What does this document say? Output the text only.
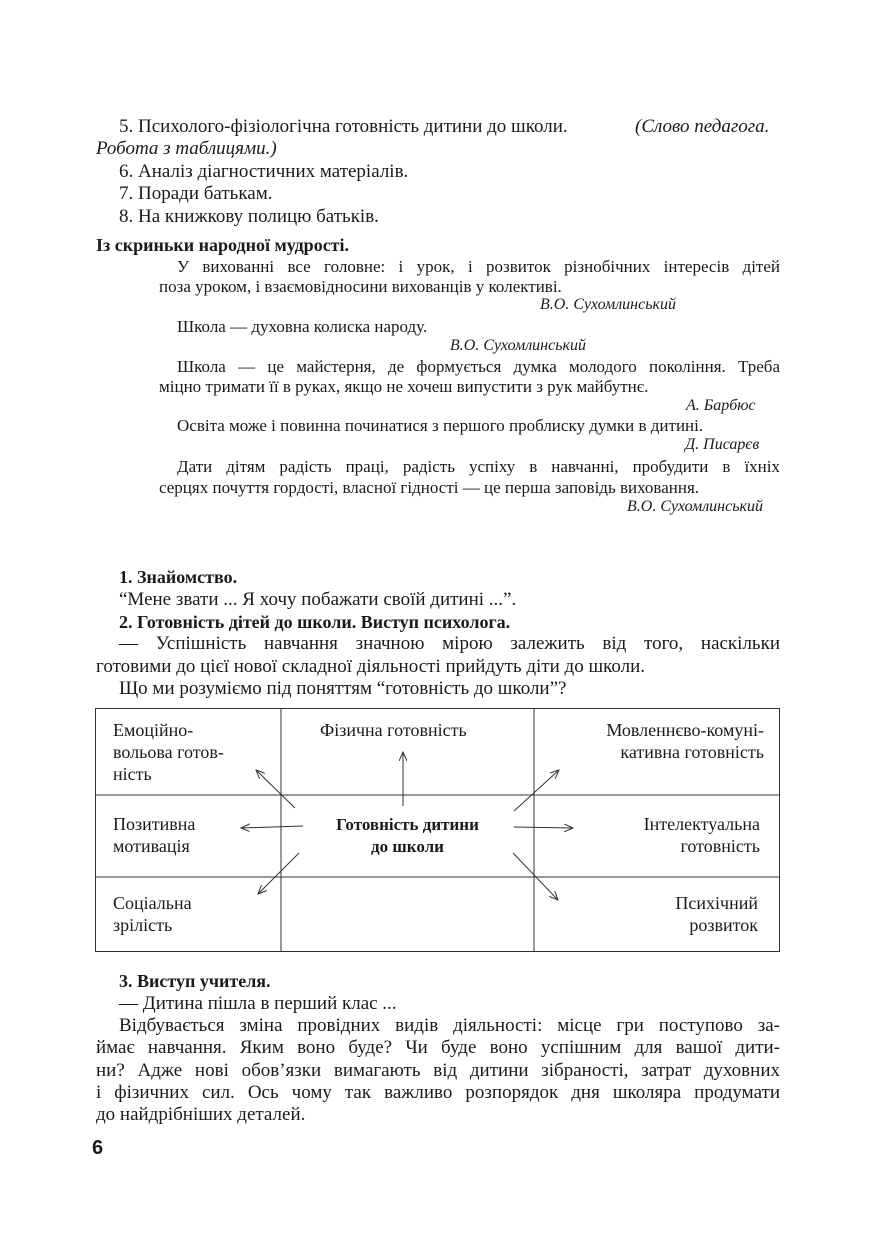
5. Психолого-фізіологічна готовність дитини до школи.	(Слово педагога.
Робота з таблицями.)
6. Аналіз діагностичних матеріалів.
7. Поради батькам.
8. На книжкову полицю батьків.
Із скриньки народної мудрості.
У вихованні все головне: і урок, і розвиток різнобічних інтересів дітей
поза уроком, і взаємовідносини вихованців у колективі.
В.О. Сухомлинський
Школа — духовна колиска народу.
В.О. Сухомлинський
Школа — це майстерня, де формується думка молодого покоління. Треба
міцно тримати її в руках, якщо не хочеш випустити з рук майбутнє.
А. Барбюс
Освіта може і повинна починатися з першого проблиску думки в дитині.
Д. Писарєв
Дати дітям радість праці, радість успіху в навчанні, пробудити в їхніх
серцях почуття гордості, власної гідності — це перша заповідь виховання.
В.О. Сухомлинський
1. Знайомство.
“Мене звати ... Я хочу побажати своїй дитині ...”.
2. Готовність дітей до школи. Виступ психолога.
— Успішність навчання значною мірою залежить від того, наскільки
готовими до цієї нової складної діяльності прийдуть діти до школи.
Що ми розуміємо під поняттям “готовність до школи”?
Емоційно-
вольова готов-
ність
Фізична готовність	Мовленнєво-комуні-
кативна готовність
Позитивна
мотивація
Готовність дитини
до школи
Інтелектуальна
готовність
Соціальна
зрілість
Психічний
розвиток
3. Виступ учителя.
— Дитина пішла в перший клас ...
Відбувається зміна провідних видів діяльності: місце гри поступово за-
ймає навчання. Яким воно буде? Чи буде воно успішним для вашої дити-
ни? Адже нові обов’язки вимагають від дитини зібраності, затрат духовних
і фізичних сил. Ось чому так важливо розпорядок дня школяра продумати
до найдрібніших деталей.
6
